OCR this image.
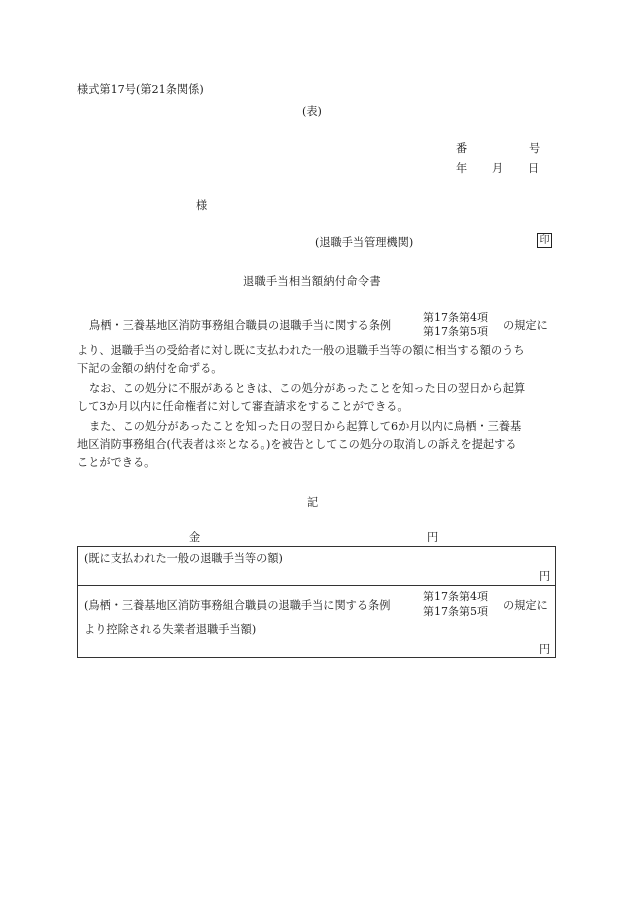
様式第17号(第21条関係)
(表)
番	号
年 月 日
様
(退職手当管理機関)	印
退職手当相当額納付命令書
鳥栖・三養基地区消防事務組合職員の退職手当に関する条例
第17条第4項
第17条第5項 の規定に
より、退職手当の受給者に対し既に支払われた一般の退職手当等の額に相当する額のうち
下記の金額の納付を命ずる。
なお、この処分に不服があるときは、この処分があったことを知った日の翌日から起算
して3か月以内に任命権者に対して審査請求をすることができる。
また、この処分があったことを知った日の翌日から起算して6か月以内に鳥栖・三養基
地区消防事務組合(代表者は※となる。)を被告としてこの処分の取消しの訴えを提起する
ことができる。
記
金	円
(既に支払われた一般の退職手当等の額)
円
(鳥栖・三養基地区消防事務組合職員の退職手当に関する条例
第17条第4項
第17条第5項 の規定に
より控除される失業者退職手当額)
円
